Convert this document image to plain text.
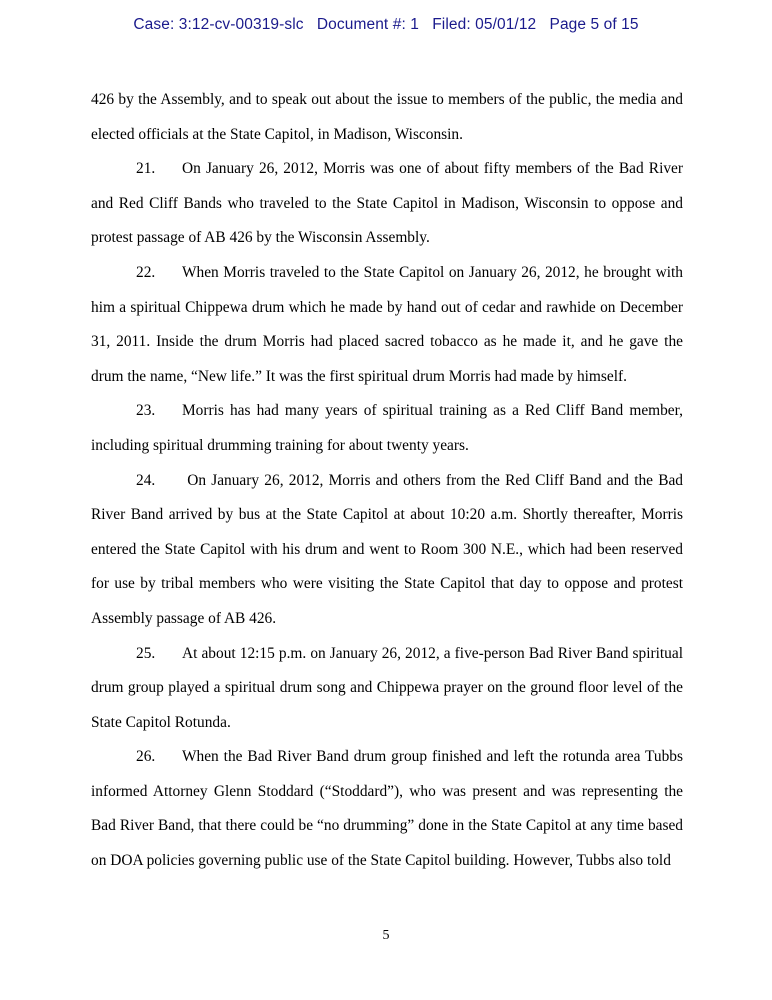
Case: 3:12-cv-00319-slc Document #: 1 Filed: 05/01/12 Page 5 of 15

426 by the Assembly, and to speak out about the issue to members of the public, the media and elected officials at the State Capitol, in Madison, Wisconsin.

21. On January 26, 2012, Morris was one of about fifty members of the Bad River and Red Cliff Bands who traveled to the State Capitol in Madison, Wisconsin to oppose and protest passage of AB 426 by the Wisconsin Assembly.

22. When Morris traveled to the State Capitol on January 26, 2012, he brought with him a spiritual Chippewa drum which he made by hand out of cedar and rawhide on December 31, 2011. Inside the drum Morris had placed sacred tobacco as he made it, and he gave the drum the name, “New life.” It was the first spiritual drum Morris had made by himself.

23. Morris has had many years of spiritual training as a Red Cliff Band member, including spiritual drumming training for about twenty years.

24. On January 26, 2012, Morris and others from the Red Cliff Band and the Bad River Band arrived by bus at the State Capitol at about 10:20 a.m. Shortly thereafter, Morris entered the State Capitol with his drum and went to Room 300 N.E., which had been reserved for use by tribal members who were visiting the State Capitol that day to oppose and protest Assembly passage of AB 426.

25. At about 12:15 p.m. on January 26, 2012, a five-person Bad River Band spiritual drum group played a spiritual drum song and Chippewa prayer on the ground floor level of the State Capitol Rotunda.

26. When the Bad River Band drum group finished and left the rotunda area Tubbs informed Attorney Glenn Stoddard (“Stoddard”), who was present and was representing the Bad River Band, that there could be “no drumming” done in the State Capitol at any time based on DOA policies governing public use of the State Capitol building. However, Tubbs also told

5
